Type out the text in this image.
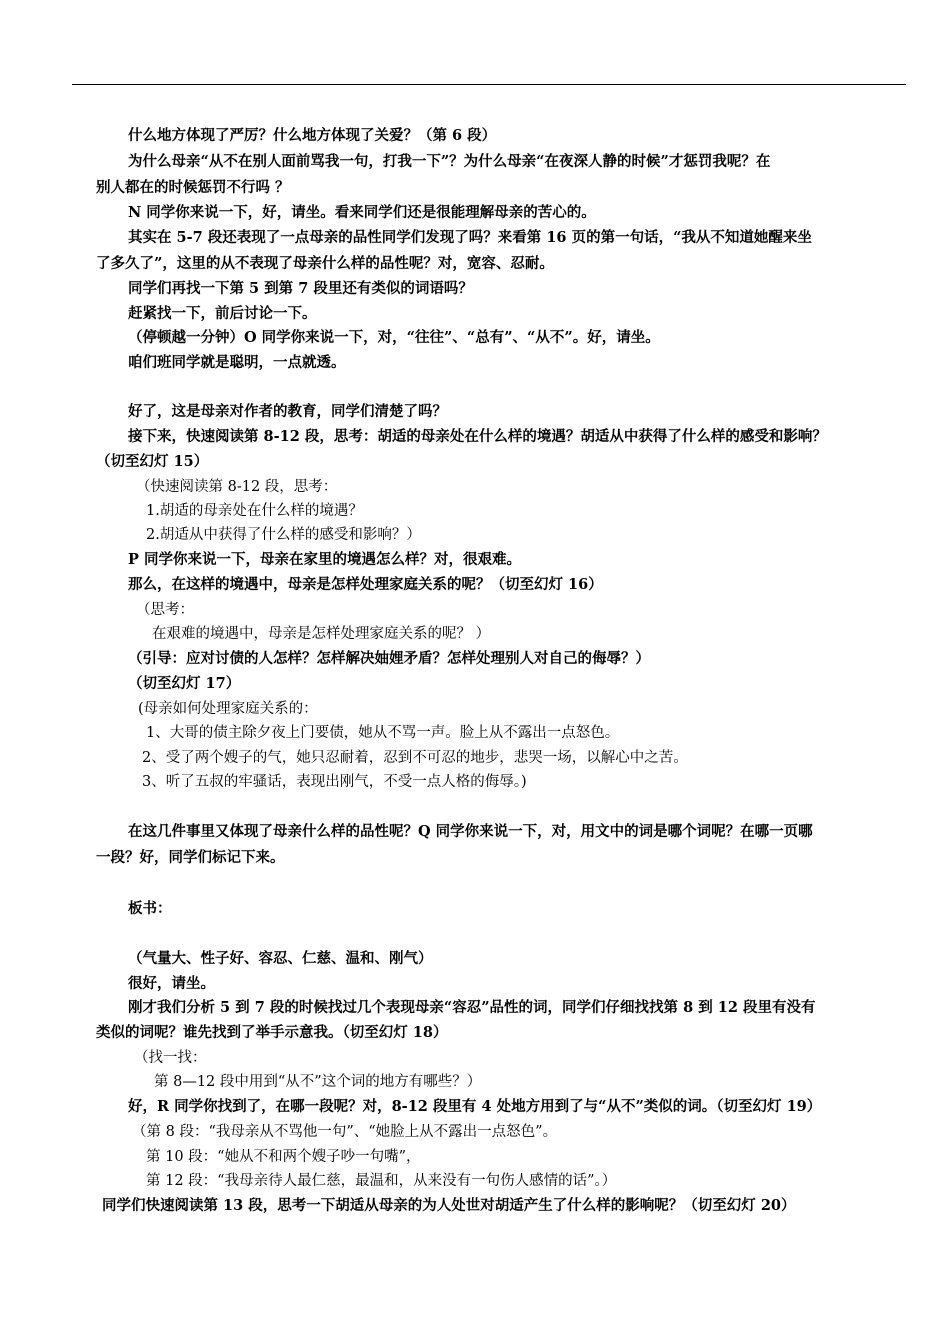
什么地方体现了严厉？什么地方体现了关爱？（第 6 段）
为什么母亲“从不在别人面前骂我一句，打我一下”？为什么母亲“在夜深人静的时候”才惩罚我呢？在
别人都在的时候惩罚不行吗 ？
N 同学你来说一下，好，请坐。看来同学们还是很能理解母亲的苦心的。
其实在 5-7 段还表现了一点母亲的品性同学们发现了吗？来看第 16 页的第一句话，“我从不知道她醒来坐
了多久了”，这里的从不表现了母亲什么样的品性呢？对，宽容、忍耐。
同学们再找一下第 5 到第 7 段里还有类似的词语吗？
赶紧找一下，前后讨论一下。
（停顿越一分钟）O 同学你来说一下，对，“往往”、“总有”、“从不”。好，请坐。
咱们班同学就是聪明，一点就透。
好了，这是母亲对作者的教育，同学们清楚了吗？
接下来，快速阅读第 8-12 段，思考：胡适的母亲处在什么样的境遇？胡适从中获得了什么样的感受和影响？
（切至幻灯 15）
（快速阅读第 8-12 段，思考：
1.胡适的母亲处在什么样的境遇？
2.胡适从中获得了什么样的感受和影响？）
P 同学你来说一下，母亲在家里的境遇怎么样？对，很艰难。
那么，在这样的境遇中，母亲是怎样处理家庭关系的呢？（切至幻灯 16）
（思考：
在艰难的境遇中，母亲是怎样处理家庭关系的呢？ ）
（引导：应对讨债的人怎样？怎样解决妯娌矛盾？怎样处理别人对自己的侮辱？）
（切至幻灯 17）
(母亲如何处理家庭关系的：
1、大哥的债主除夕夜上门要债，她从不骂一声。脸上从不露出一点怒色。
2、受了两个嫂子的气，她只忍耐着，忍到不可忍的地步，悲哭一场，以解心中之苦。
3、听了五叔的牢骚话，表现出刚气，不受一点人格的侮辱。)
在这几件事里又体现了母亲什么样的品性呢？Q 同学你来说一下，对，用文中的词是哪个词呢？在哪一页哪
一段？好，同学们标记下来。
板书：
（气量大、性子好、容忍、仁慈、温和、刚气）
很好，请坐。
刚才我们分析 5 到 7 段的时候找过几个表现母亲“容忍”品性的词，同学们仔细找找第 8 到 12 段里有没有
类似的词呢？谁先找到了举手示意我。（切至幻灯 18）
（找一找：
第 8—12 段中用到“从不”这个词的地方有哪些？）
好，R 同学你找到了，在哪一段呢？对，8-12 段里有 4 处地方用到了与“从不”类似的词。（切至幻灯 19）
（第 8 段：“我母亲从不骂他一句”、“她脸上从不露出一点怒色”。
第 10 段：“她从不和两个嫂子吵一句嘴”，
第 12 段：“我母亲待人最仁慈，最温和，从来没有一句伤人感情的话”。）
同学们快速阅读第 13 段，思考一下胡适从母亲的为人处世对胡适产生了什么样的影响呢？（切至幻灯 20）
